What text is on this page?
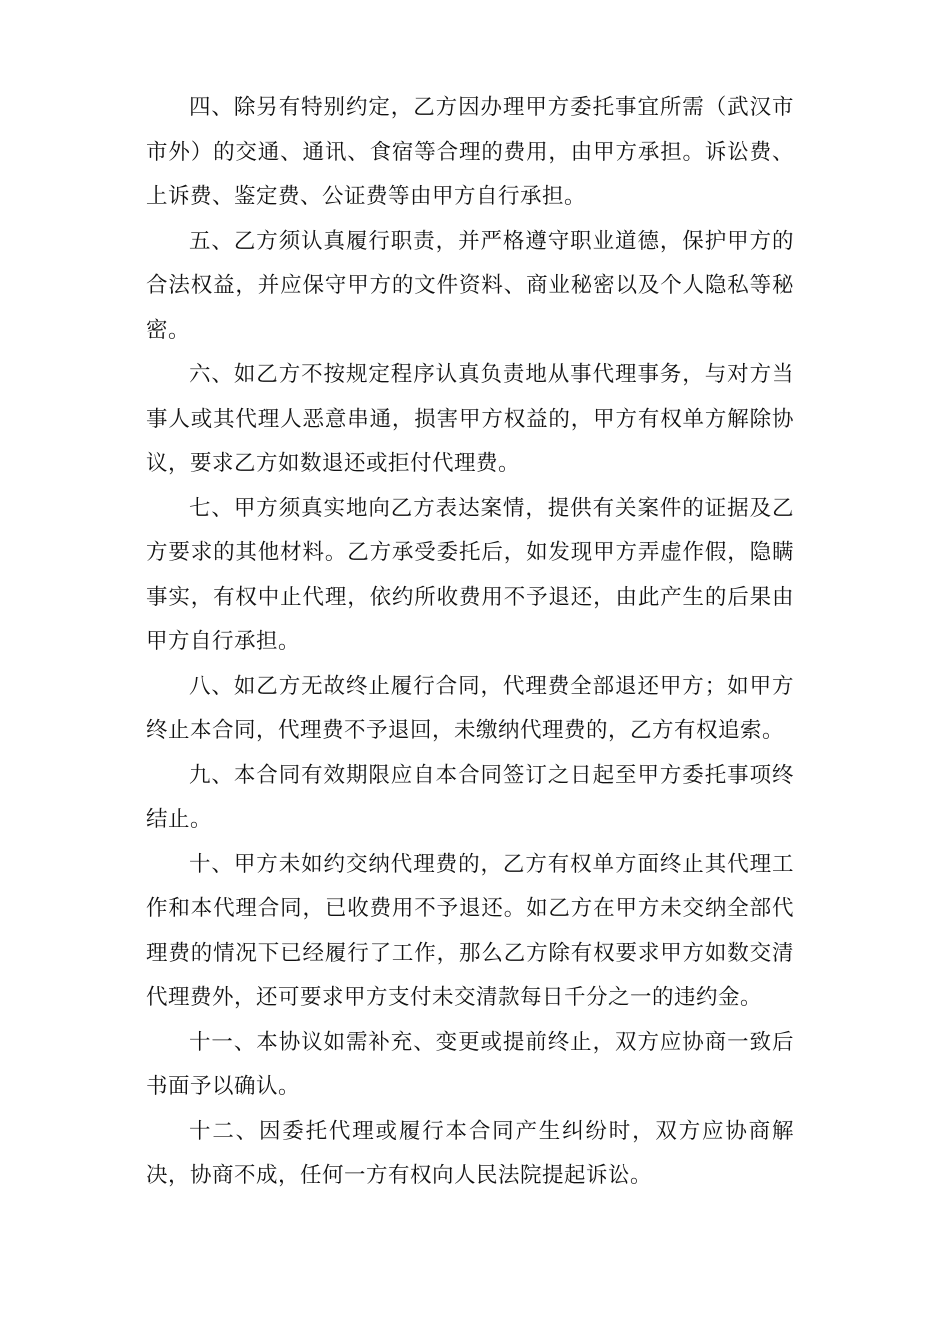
四、除另有特别约定，乙方因办理甲方委托事宜所需（武汉市市外）的交通、通讯、食宿等合理的费用，由甲方承担。诉讼费、上诉费、鉴定费、公证费等由甲方自行承担。

五、乙方须认真履行职责，并严格遵守职业道德，保护甲方的合法权益，并应保守甲方的文件资料、商业秘密以及个人隐私等秘密。

六、如乙方不按规定程序认真负责地从事代理事务，与对方当事人或其代理人恶意串通，损害甲方权益的，甲方有权单方解除协议，要求乙方如数退还或拒付代理费。

七、甲方须真实地向乙方表达案情，提供有关案件的证据及乙方要求的其他材料。乙方承受委托后，如发现甲方弄虚作假，隐瞒事实，有权中止代理，依约所收费用不予退还，由此产生的后果由甲方自行承担。

八、如乙方无故终止履行合同，代理费全部退还甲方；如甲方终止本合同，代理费不予退回，未缴纳代理费的，乙方有权追索。

九、本合同有效期限应自本合同签订之日起至甲方委托事项终结止。

十、甲方未如约交纳代理费的，乙方有权单方面终止其代理工作和本代理合同，已收费用不予退还。如乙方在甲方未交纳全部代理费的情况下已经履行了工作，那么乙方除有权要求甲方如数交清代理费外，还可要求甲方支付未交清款每日千分之一的违约金。

十一、本协议如需补充、变更或提前终止，双方应协商一致后书面予以确认。

十二、因委托代理或履行本合同产生纠纷时，双方应协商解决，协商不成，任何一方有权向人民法院提起诉讼。
